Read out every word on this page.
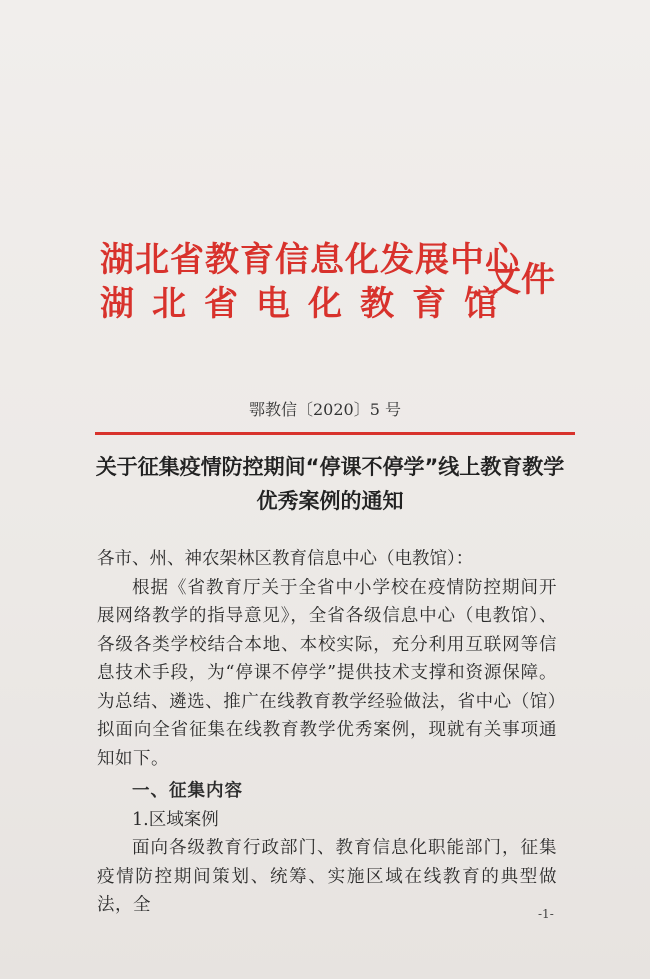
湖北省教育信息化发展中心
湖北省电化教育馆
文件
鄂教信〔2020〕5 号
关于征集疫情防控期间“停课不停学”线上教育教学
优秀案例的通知
各市、州、神农架林区教育信息中心（电教馆）：
根据《省教育厅关于全省中小学校在疫情防控期间开展网络教学的指导意见》，全省各级信息中心（电教馆）、各级各类学校结合本地、本校实际，充分利用互联网等信息技术手段，为“停课不停学”提供技术支撑和资源保障。为总结、遴选、推广在线教育教学经验做法，省中心（馆）拟面向全省征集在线教育教学优秀案例，现就有关事项通知如下。
一、征集内容
1.区域案例
面向各级教育行政部门、教育信息化职能部门，征集疫情防控期间策划、统筹、实施区域在线教育的典型做法，全	-1-
